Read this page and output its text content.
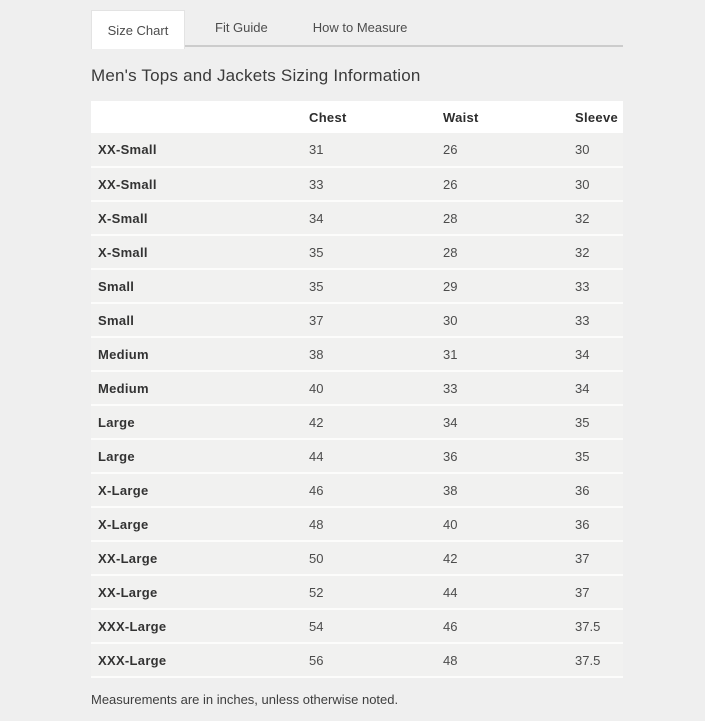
Size Chart	Fit Guide	How to Measure
Men's Tops and Jackets Sizing Information
	Chest	Waist	Sleeve
XX-Small	31	26	30
XX-Small	33	26	30
X-Small	34	28	32
X-Small	35	28	32
Small	35	29	33
Small	37	30	33
Medium	38	31	34
Medium	40	33	34
Large	42	34	35
Large	44	36	35
X-Large	46	38	36
X-Large	48	40	36
XX-Large	50	42	37
XX-Large	52	44	37
XXX-Large	54	46	37.5
XXX-Large	56	48	37.5

Measurements are in inches, unless otherwise noted.
